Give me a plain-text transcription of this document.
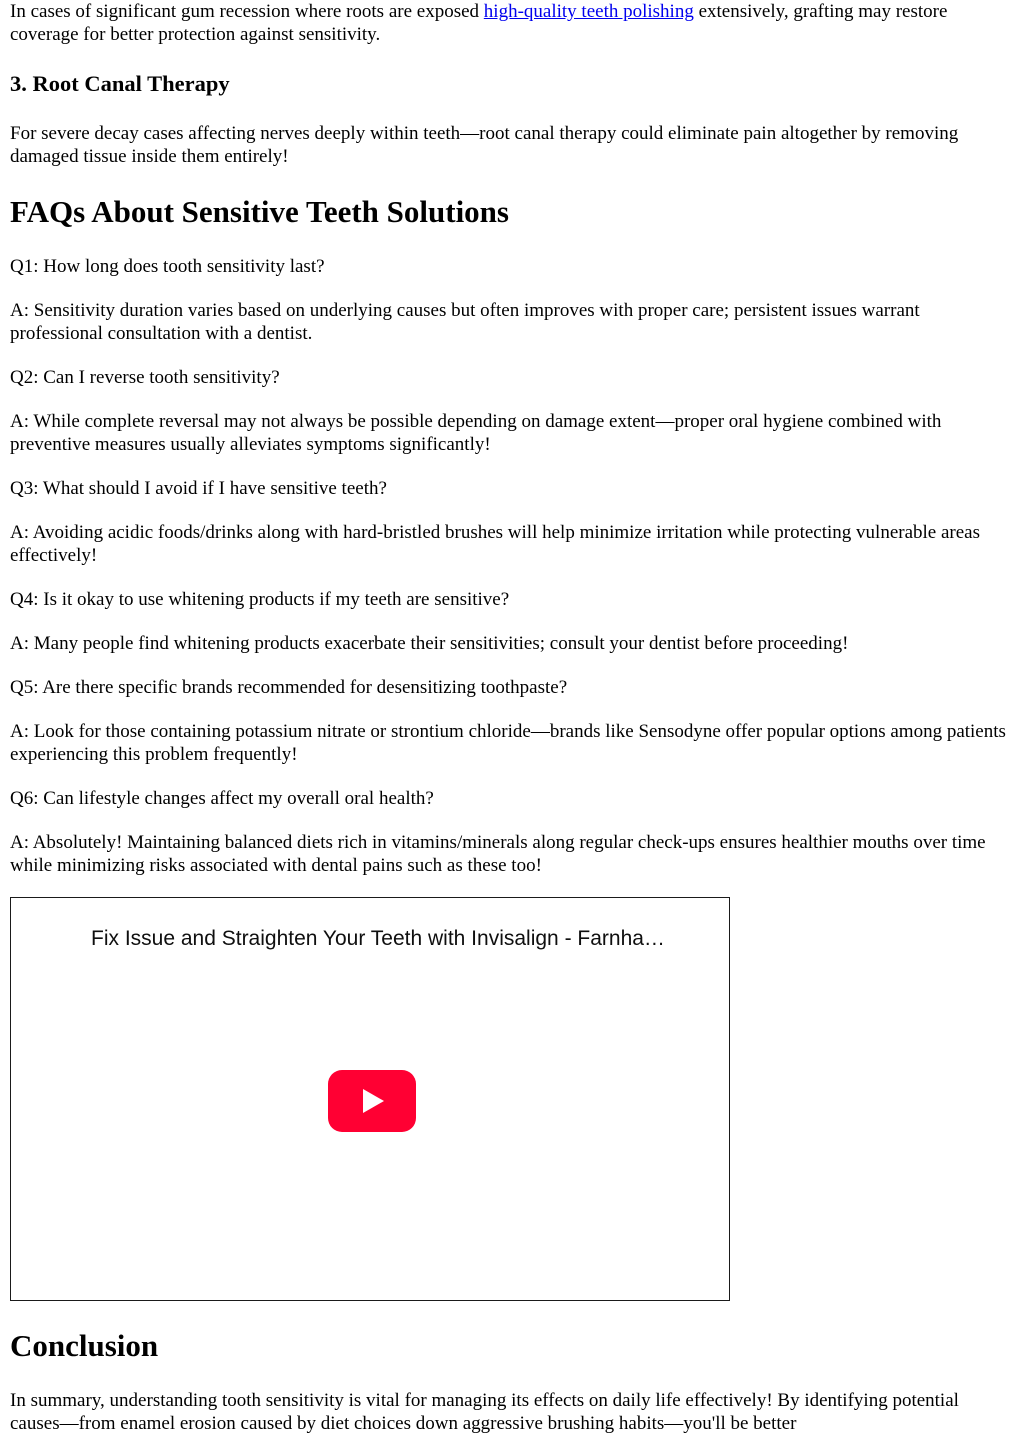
In cases of significant gum recession where roots are exposed high-quality teeth polishing extensively, grafting may restore coverage for better protection against sensitivity.

3. Root Canal Therapy

For severe decay cases affecting nerves deeply within teeth—root canal therapy could eliminate pain altogether by removing damaged tissue inside them entirely!

FAQs About Sensitive Teeth Solutions

Q1: How long does tooth sensitivity last?

A: Sensitivity duration varies based on underlying causes but often improves with proper care; persistent issues warrant professional consultation with a dentist.

Q2: Can I reverse tooth sensitivity?

A: While complete reversal may not always be possible depending on damage extent—proper oral hygiene combined with preventive measures usually alleviates symptoms significantly!

Q3: What should I avoid if I have sensitive teeth?

A: Avoiding acidic foods/drinks along with hard-bristled brushes will help minimize irritation while protecting vulnerable areas effectively!

Q4: Is it okay to use whitening products if my teeth are sensitive?

A: Many people find whitening products exacerbate their sensitivities; consult your dentist before proceeding!

Q5: Are there specific brands recommended for desensitizing toothpaste?

A: Look for those containing potassium nitrate or strontium chloride—brands like Sensodyne offer popular options among patients experiencing this problem frequently!

Q6: Can lifestyle changes affect my overall oral health?

A: Absolutely! Maintaining balanced diets rich in vitamins/minerals along regular check-ups ensures healthier mouths over time while minimizing risks associated with dental pains such as these too!

Fix Issue and Straighten Your Teeth with Invisalign - Farnha…
Conclusion

In summary, understanding tooth sensitivity is vital for managing its effects on daily life effectively! By identifying potential causes—from enamel erosion caused by diet choices down aggressive brushing habits—you'll be better
